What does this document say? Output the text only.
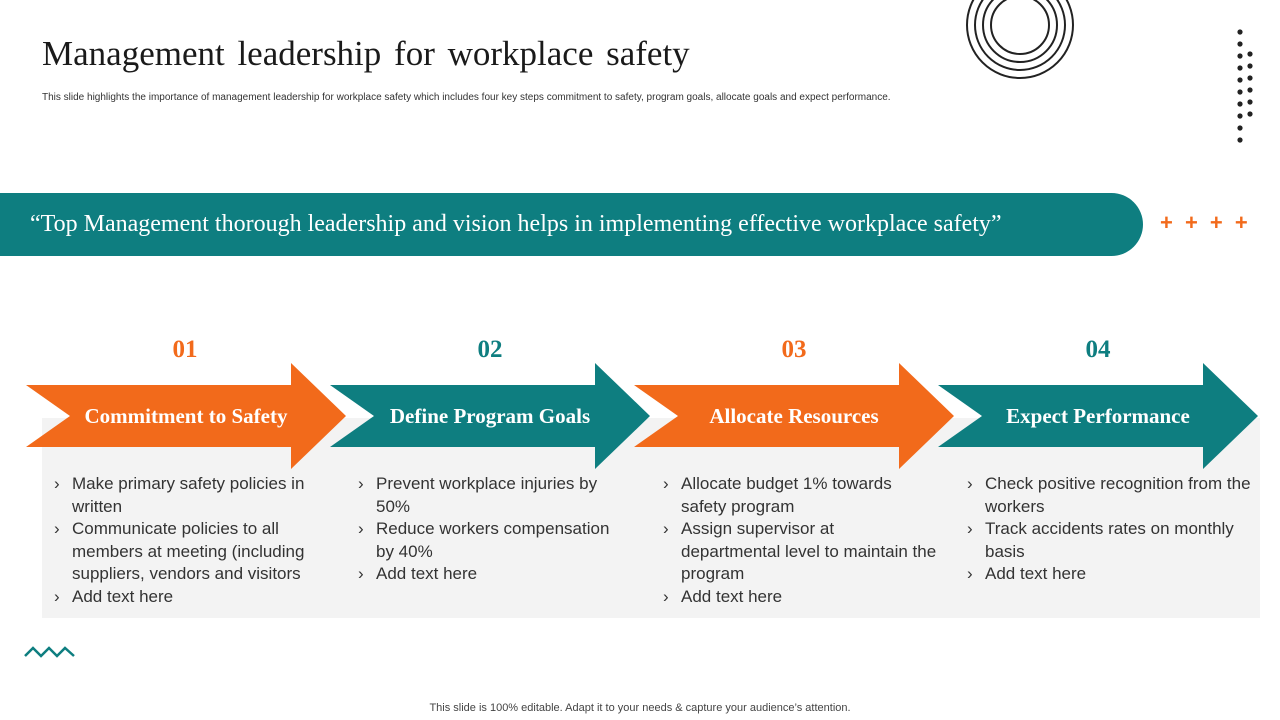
Management leadership for workplace safety
This slide highlights the importance of management leadership for workplace safety which includes four key steps commitment to safety, program goals, allocate goals and expect performance.
“Top Management thorough leadership and vision helps in implementing effective workplace safety”	+ + + +
01
Commitment to Safety
› Make primary safety policies in written
› Communicate policies to all members at meeting (including suppliers, vendors and visitors
› Add text here
02
Define Program Goals
› Prevent workplace injuries by 50%
› Reduce workers compensation by 40%
› Add text here
03
Allocate Resources
› Allocate budget 1% towards safety program
› Assign supervisor at departmental level to maintain the program
› Add text here
04
Expect Performance
› Check positive recognition from the workers
› Track accidents rates on monthly basis
› Add text here
This slide is 100% editable. Adapt it to your needs & capture your audience’s attention.
